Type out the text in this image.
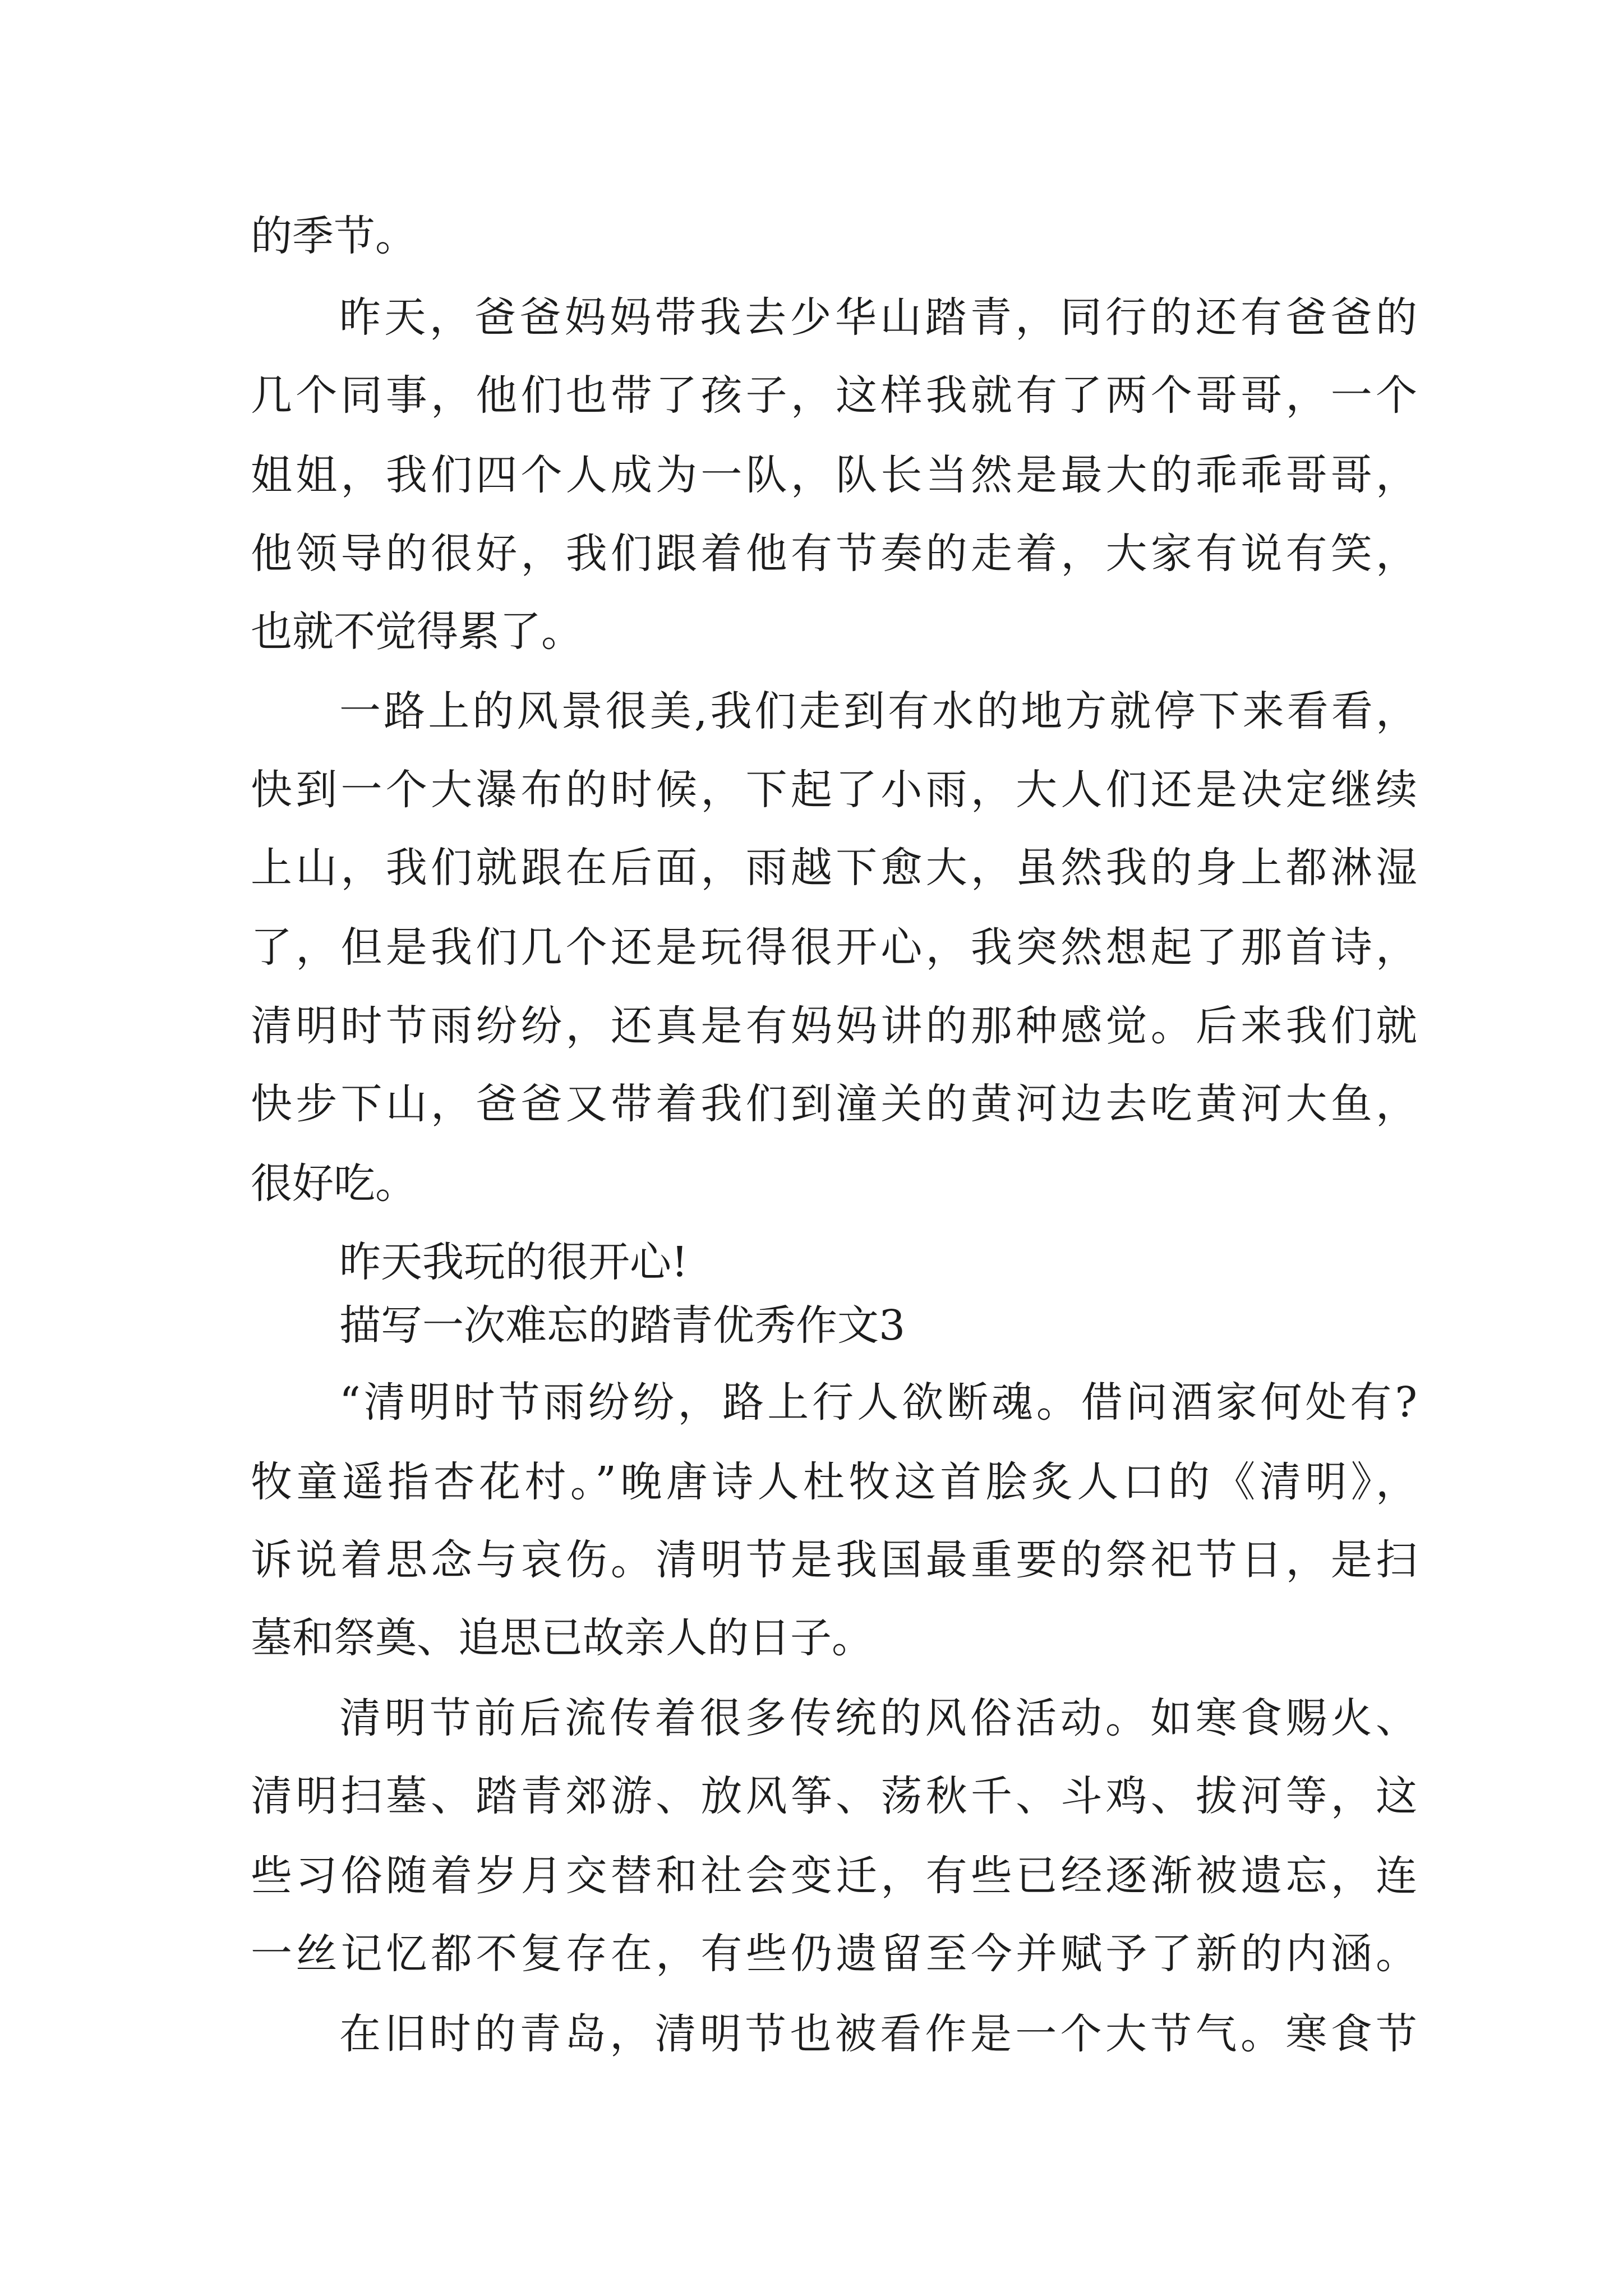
的季节。
昨天，爸爸妈妈带我去少华山踏青，同行的还有爸爸的
几个同事，他们也带了孩子，这样我就有了两个哥哥，一个
姐姐，我们四个人成为一队，队长当然是最大的乖乖哥哥，
他领导的很好，我们跟着他有节奏的走着，大家有说有笑，
也就不觉得累了。
一路上的风景很美,我们走到有水的地方就停下来看看，
快到一个大瀑布的时候，下起了小雨，大人们还是决定继续
上山，我们就跟在后面，雨越下愈大，虽然我的身上都淋湿
了，但是我们几个还是玩得很开心，我突然想起了那首诗，
清明时节雨纷纷，还真是有妈妈讲的那种感觉。后来我们就
快步下山，爸爸又带着我们到潼关的黄河边去吃黄河大鱼，
很好吃。
昨天我玩的很开心!
描写一次难忘的踏青优秀作文3
“清明时节雨纷纷，路上行人欲断魂。借问酒家何处有?
牧童遥指杏花村。”晚唐诗人杜牧这首脍炙人口的《清明》，
诉说着思念与哀伤。清明节是我国最重要的祭祀节日，是扫
墓和祭奠、追思已故亲人的日子。
清明节前后流传着很多传统的风俗活动。如寒食赐火、
清明扫墓、踏青郊游、放风筝、荡秋千、斗鸡、拔河等，这
些习俗随着岁月交替和社会变迁，有些已经逐渐被遗忘，连
一丝记忆都不复存在，有些仍遗留至今并赋予了新的内涵。
在旧时的青岛，清明节也被看作是一个大节气。寒食节
